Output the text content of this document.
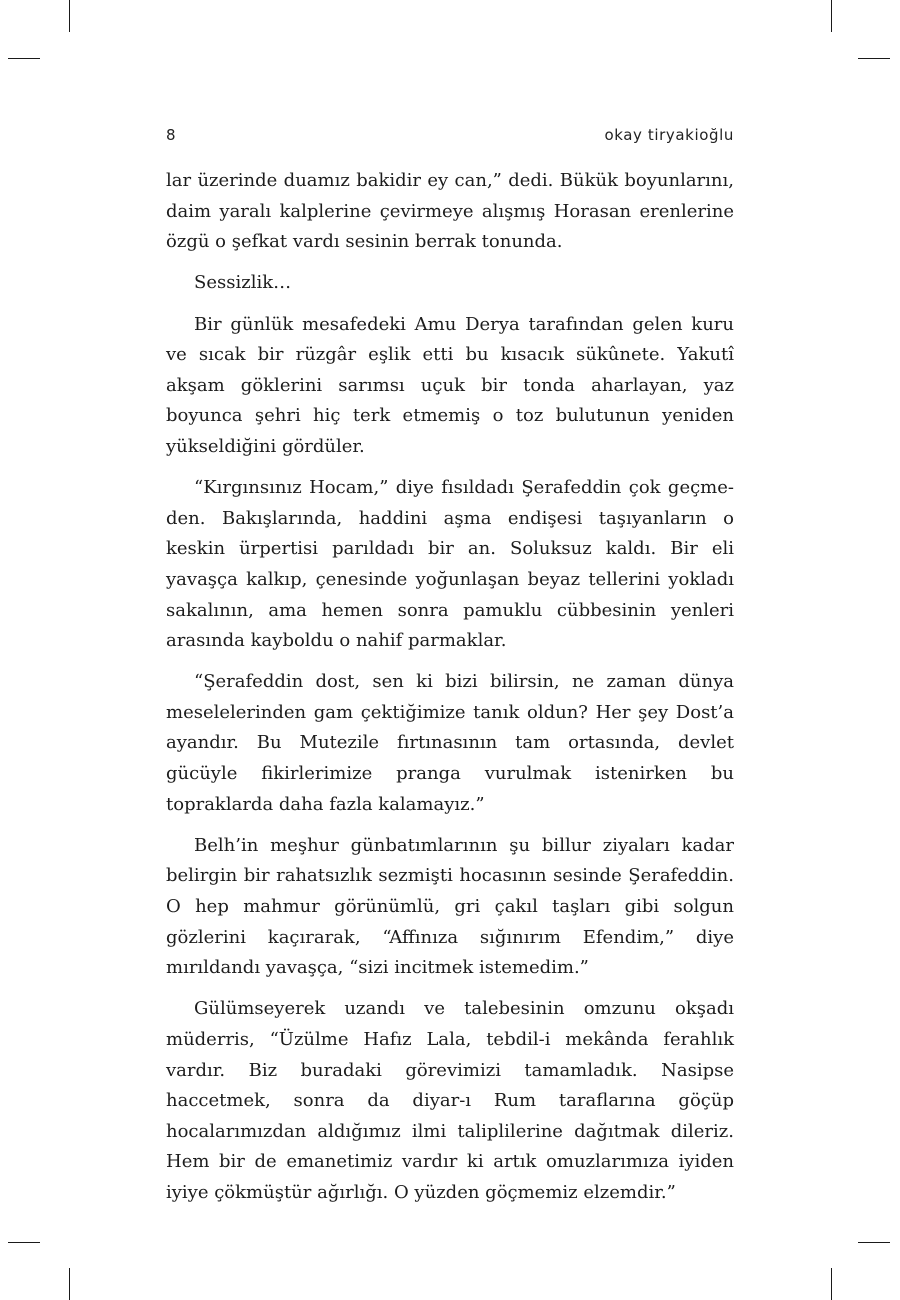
8	okay tiryakioğlu

lar üzerinde duamız bakidir ey can,” dedi. Bükük boyunlarını, daim yaralı kalplerine çevirmeye alışmış Horasan erenlerine özgü o şefkat vardı sesinin berrak tonunda.

Sessizlik…

Bir günlük mesafedeki Amu Derya tarafından gelen kuru ve sıcak bir rüzgâr eşlik etti bu kısacık sükûnete. Yakutî akşam göklerini sarımsı uçuk bir tonda aharlayan, yaz boyunca şehri hiç terk etmemiş o toz bulutunun yeniden yükseldiğini gördüler.

“Kırgınsınız Hocam,” diye fısıldadı Şerafeddin çok geçmeden. Bakışlarında, haddini aşma endişesi taşıyanların o keskin ürpertisi parıldadı bir an. Soluksuz kaldı. Bir eli yavaşça kalkıp, çenesinde yoğunlaşan beyaz tellerini yokladı sakalının, ama hemen sonra pamuklu cübbesinin yenleri arasında kayboldu o nahif parmaklar.

“Şerafeddin dost, sen ki bizi bilirsin, ne zaman dünya meselelerinden gam çektiğimize tanık oldun? Her şey Dost’a ayandır. Bu Mutezile fırtınasının tam ortasında, devlet gücüyle fikirlerimize pranga vurulmak istenirken bu topraklarda daha fazla kalamayız.”

Belh’in meşhur günbatımlarının şu billur ziyaları kadar belirgin bir rahatsızlık sezmişti hocasının sesinde Şerafeddin. O hep mahmur görünümlü, gri çakıl taşları gibi solgun gözlerini kaçırarak, “Affınıza sığınırım Efendim,” diye mırıldandı yavaşça, “sizi incitmek istemedim.”

Gülümseyerek uzandı ve talebesinin omzunu okşadı müderris, “Üzülme Hafız Lala, tebdil-i mekânda ferahlık vardır. Biz buradaki görevimizi tamamladık. Nasipse haccetmek, sonra da diyar-ı Rum taraflarına göçüp hocalarımızdan aldığımız ilmi taliplilerine dağıtmak dileriz. Hem bir de emanetimiz vardır ki artık omuzlarımıza iyiden iyiye çökmüştür ağırlığı. O yüzden göçmemiz elzemdir.”
